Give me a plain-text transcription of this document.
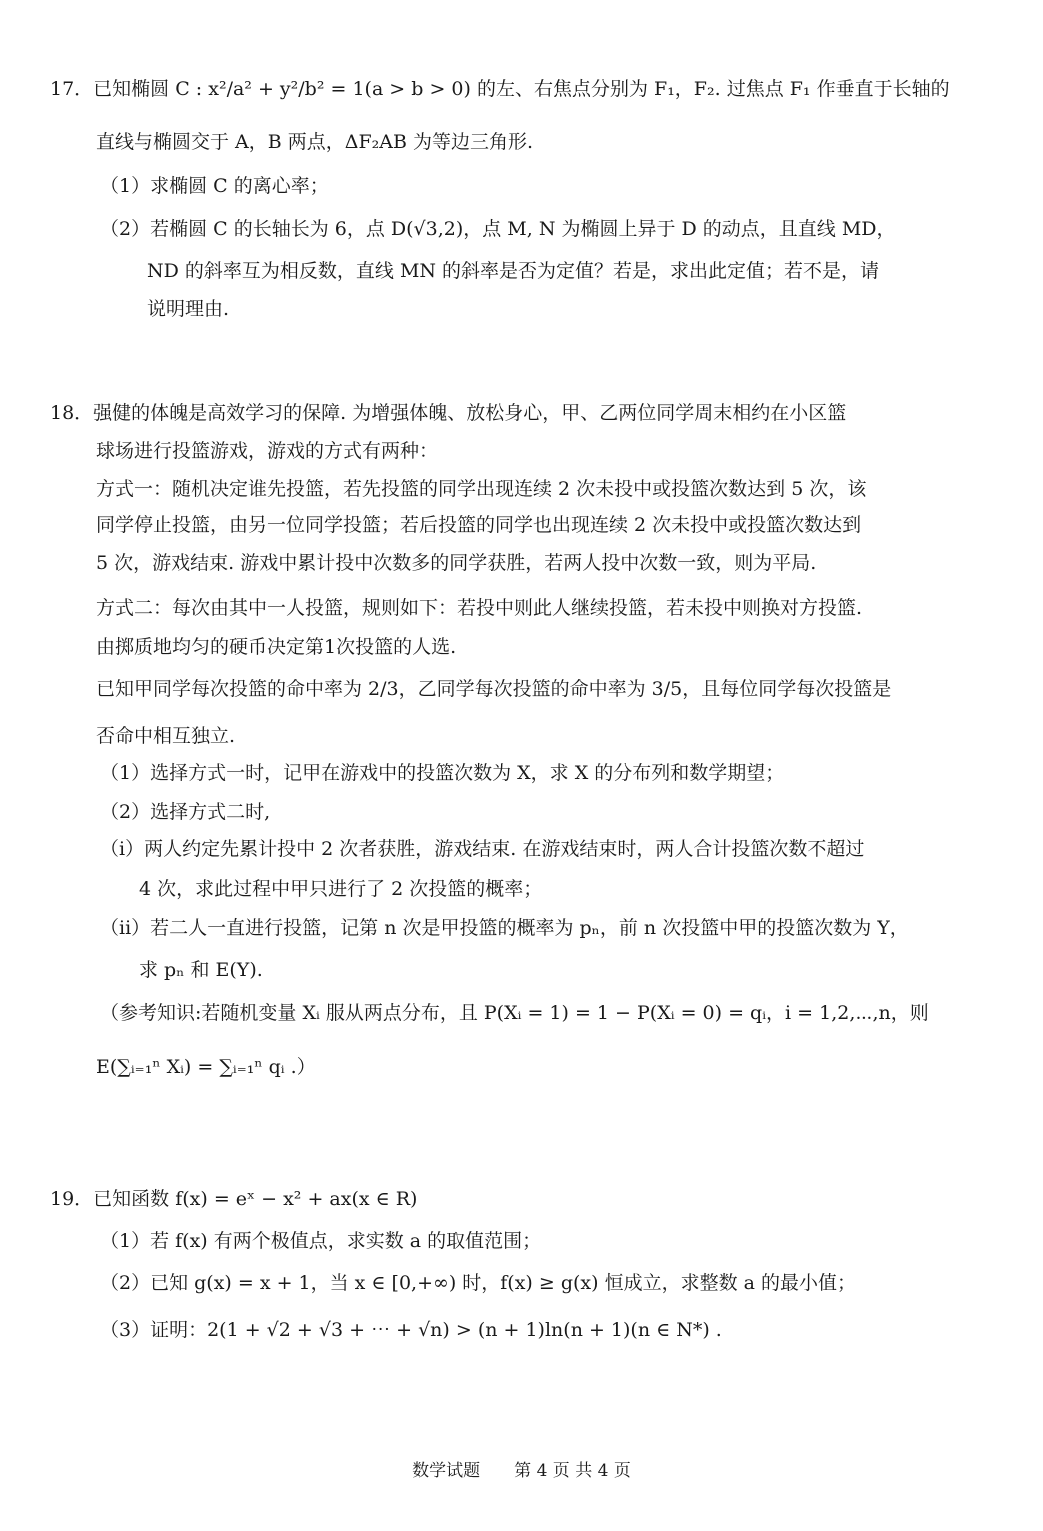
17．已知椭圆 C : x²/a² + y²/b² = 1(a > b > 0) 的左、右焦点分别为 F₁，F₂. 过焦点 F₁ 作垂直于长轴的
直线与椭圆交于 A，B 两点，ΔF₂AB 为等边三角形.
（1）求椭圆 C 的离心率；
（2）若椭圆 C 的长轴长为 6，点 D(√3,2)，点 M, N 为椭圆上异于 D 的动点，且直线 MD，
ND 的斜率互为相反数，直线 MN 的斜率是否为定值？若是，求出此定值；若不是，请
说明理由.
18．强健的体魄是高效学习的保障. 为增强体魄、放松身心，甲、乙两位同学周末相约在小区篮
球场进行投篮游戏，游戏的方式有两种：
方式一：随机决定谁先投篮，若先投篮的同学出现连续 2 次未投中或投篮次数达到 5 次，该
同学停止投篮，由另一位同学投篮；若后投篮的同学也出现连续 2 次未投中或投篮次数达到
5 次，游戏结束. 游戏中累计投中次数多的同学获胜，若两人投中次数一致，则为平局.
方式二：每次由其中一人投篮，规则如下：若投中则此人继续投篮，若未投中则换对方投篮.
由掷质地均匀的硬币决定第1次投篮的人选.
已知甲同学每次投篮的命中率为 2/3，乙同学每次投篮的命中率为 3/5，且每位同学每次投篮是
否命中相互独立.
（1）选择方式一时，记甲在游戏中的投篮次数为 X，求 X 的分布列和数学期望；
（2）选择方式二时,
（i）两人约定先累计投中 2 次者获胜，游戏结束. 在游戏结束时，两人合计投篮次数不超过
4 次，求此过程中甲只进行了 2 次投篮的概率；
（ii）若二人一直进行投篮，记第 n 次是甲投篮的概率为 pₙ，前 n 次投篮中甲的投篮次数为 Y，
求 pₙ 和 E(Y).
（参考知识:若随机变量 Xᵢ 服从两点分布，且 P(Xᵢ = 1) = 1 − P(Xᵢ = 0) = qᵢ，i = 1,2,⋯,n，则
E(∑ᵢ₌₁ⁿ Xᵢ) = ∑ᵢ₌₁ⁿ qᵢ .）
19．已知函数 f(x) = eˣ − x² + ax(x ∈ R)
（1）若 f(x) 有两个极值点，求实数 a 的取值范围；
（2）已知 g(x) = x + 1，当 x ∈ [0,+∞) 时，f(x) ≥ g(x) 恒成立，求整数 a 的最小值；
（3）证明：2(1 + √2 + √3 + ⋯ + √n) > (n + 1)ln(n + 1)(n ∈ N*) .
数学试题 第 4 页 共 4 页
